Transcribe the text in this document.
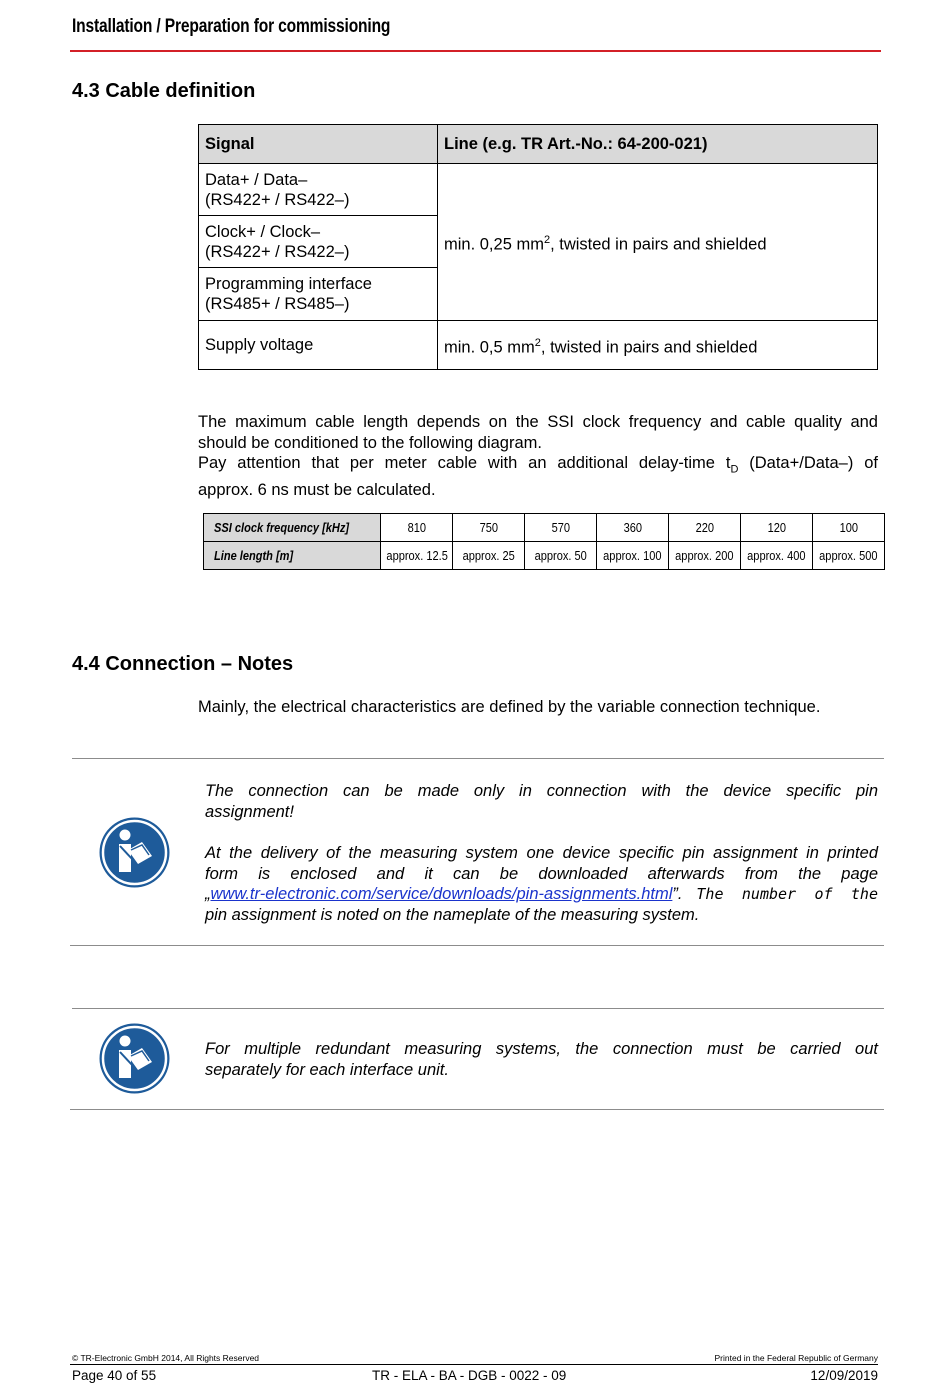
Installation / Preparation for commissioning
4.3 Cable definition
Signal	Line (e.g. TR Art.-No.: 64-200-021)

Data+ / Data–
(RS422+ / RS422–)	min. 0,25 $mm^2$, twisted in pairs and shielded

Clock+ / Clock–
(RS422+ / RS422–)	

Programming interface
(RS485+ / RS485–)	

Supply voltage	min. 0,5 $mm^2$, twisted in pairs and shielded
The maximum cable length depends on the SSI clock frequency and cable quality and
should be conditioned to the following diagram.
Pay attention that per meter cable with an additional delay-time $t_D$ (Data+/Data–) of
approx. 6 ns must be calculated.
SSI clock frequency [kHz]	810	750	570	360	220	120	100
Line length [m]	approx. 12.5	approx. 25	approx. 50	approx. 100	approx. 200	approx. 400	approx. 500
4.4 Connection – Notes
Mainly, the electrical characteristics are defined by the variable connection technique.
The connection can be made only in connection with the device specific pin
assignment!
At the delivery of the measuring system one device specific pin assignment in printed
form is enclosed and it can be downloaded afterwards from the page
„www.tr-electronic.com/service/downloads/pin-assignments.html”. The number of the
pin assignment is noted on the nameplate of the measuring system.
For multiple redundant measuring systems, the connection must be carried out
separately for each interface unit.
© TR-Electronic GmbH 2014, All Rights Reserved	Printed in the Federal Republic of Germany
Page 40 of 55	TR - ELA - BA - DGB - 0022 - 09	12/09/2019
